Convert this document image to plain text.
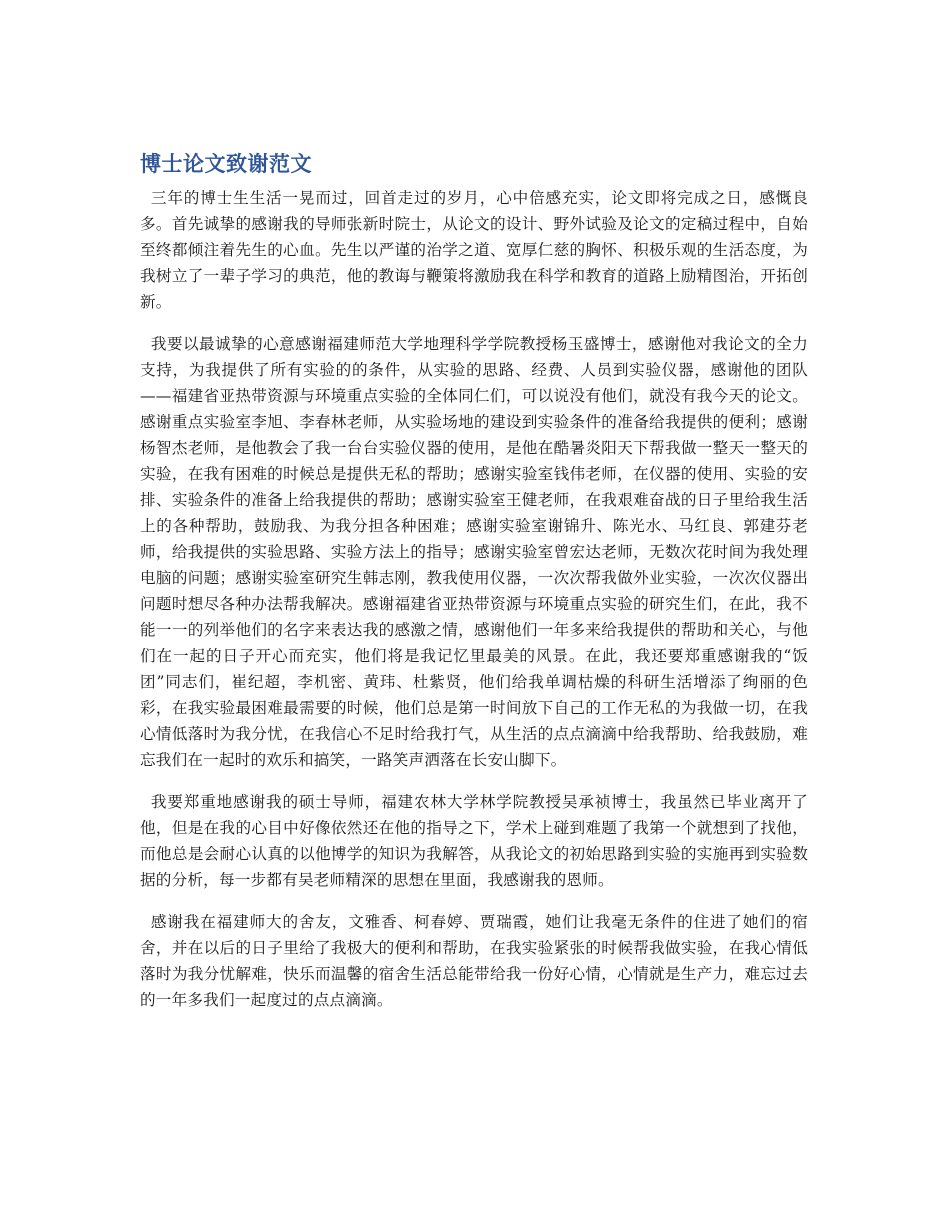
博士论文致谢范文

三年的博士生生活一晃而过，回首走过的岁月，心中倍感充实，论文即将完成之日，感慨良多。首先诚挚的感谢我的导师张新时院士，从论文的设计、野外试验及论文的定稿过程中，自始至终都倾注着先生的心血。先生以严谨的治学之道、宽厚仁慈的胸怀、积极乐观的生活态度，为我树立了一辈子学习的典范，他的教诲与鞭策将激励我在科学和教育的道路上励精图治，开拓创新。

我要以最诚挚的心意感谢福建师范大学地理科学学院教授杨玉盛博士，感谢他对我论文的全力支持，为我提供了所有实验的的条件，从实验的思路、经费、人员到实验仪器，感谢他的团队——福建省亚热带资源与环境重点实验的全体同仁们，可以说没有他们，就没有我今天的论文。感谢重点实验室李旭、李春林老师，从实验场地的建设到实验条件的准备给我提供的便利；感谢杨智杰老师，是他教会了我一台台实验仪器的使用，是他在酷暑炎阳天下帮我做一整天一整天的实验，在我有困难的时候总是提供无私的帮助；感谢实验室钱伟老师，在仪器的使用、实验的安排、实验条件的准备上给我提供的帮助；感谢实验室王健老师，在我艰难奋战的日子里给我生活上的各种帮助，鼓励我、为我分担各种困难；感谢实验室谢锦升、陈光水、马红良、郭建芬老师，给我提供的实验思路、实验方法上的指导；感谢实验室曾宏达老师，无数次花时间为我处理电脑的问题；感谢实验室研究生韩志刚，教我使用仪器，一次次帮我做外业实验，一次次仪器出问题时想尽各种办法帮我解决。感谢福建省亚热带资源与环境重点实验的研究生们，在此，我不能一一的列举他们的名字来表达我的感激之情，感谢他们一年多来给我提供的帮助和关心，与他们在一起的日子开心而充实，他们将是我记忆里最美的风景。在此，我还要郑重感谢我的“饭团”同志们，崔纪超，李机密、黄玮、杜紫贤，他们给我单调枯燥的科研生活增添了绚丽的色彩，在我实验最困难最需要的时候，他们总是第一时间放下自己的工作无私的为我做一切，在我心情低落时为我分忧，在我信心不足时给我打气，从生活的点点滴滴中给我帮助、给我鼓励，难忘我们在一起时的欢乐和搞笑，一路笑声洒落在长安山脚下。

我要郑重地感谢我的硕士导师，福建农林大学林学院教授吴承祯博士，我虽然已毕业离开了他，但是在我的心目中好像依然还在他的指导之下，学术上碰到难题了我第一个就想到了找他，而他总是会耐心认真的以他博学的知识为我解答，从我论文的初始思路到实验的实施再到实验数据的分析，每一步都有吴老师精深的思想在里面，我感谢我的恩师。

感谢我在福建师大的舍友，文雅香、柯春婷、贾瑞霞，她们让我毫无条件的住进了她们的宿舍，并在以后的日子里给了我极大的便利和帮助，在我实验紧张的时候帮我做实验，在我心情低落时为我分忧解难，快乐而温馨的宿舍生活总能带给我一份好心情，心情就是生产力，难忘过去的一年多我们一起度过的点点滴滴。
